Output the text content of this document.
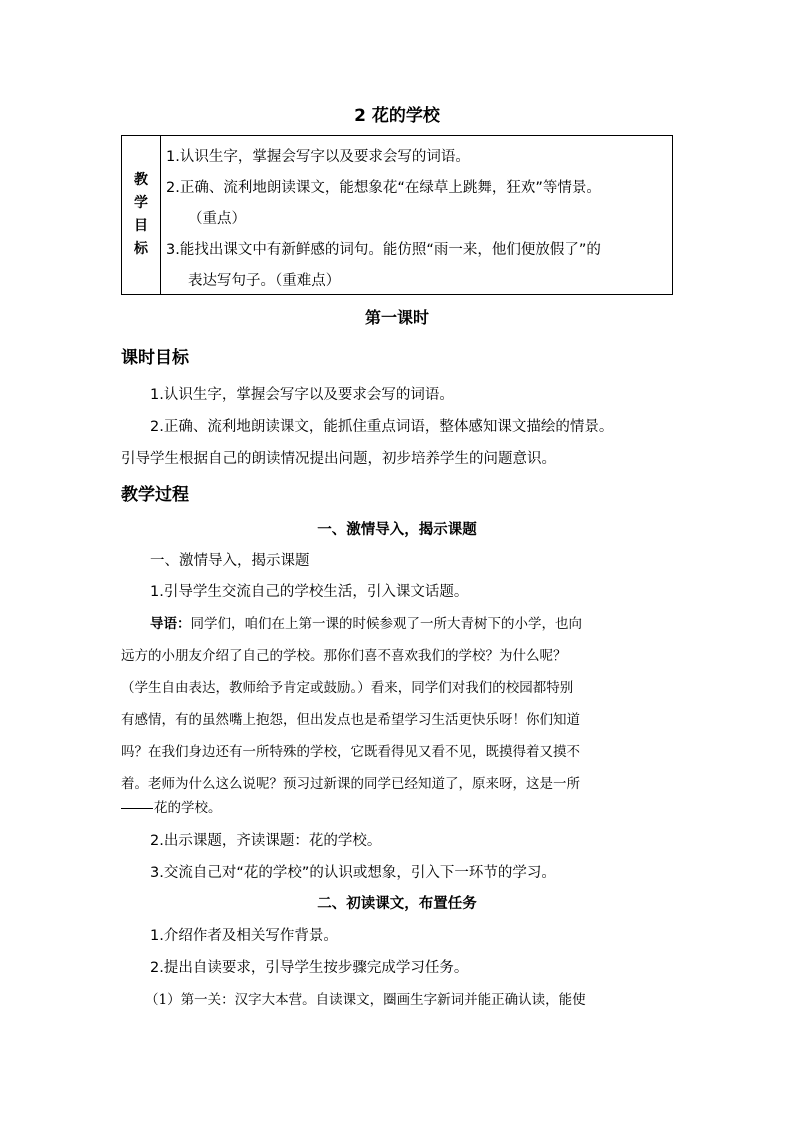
2 花的学校
教
学
目
标
1.认识生字，掌握会写字以及要求会写的词语。
2.正确、流利地朗读课文，能想象花“在绿草上跳舞，狂欢”等情景。
（重点）
3.能找出课文中有新鲜感的词句。能仿照“雨一来，他们便放假了”的
表达写句子。（重难点）
第一课时
课时目标
1.认识生字，掌握会写字以及要求会写的词语。
2.正确、流利地朗读课文，能抓住重点词语，整体感知课文描绘的情景。
引导学生根据自己的朗读情况提出问题，初步培养学生的问题意识。
教学过程
一、激情导入，揭示课题
一、激情导入，揭示课题
1.引导学生交流自己的学校生活，引入课文话题。
导语：同学们，咱们在上第一课的时候参观了一所大青树下的小学，也向
远方的小朋友介绍了自己的学校。那你们喜不喜欢我们的学校？为什么呢？
（学生自由表达，教师给予肯定或鼓励。）看来，同学们对我们的校园都特别
有感情，有的虽然嘴上抱怨，但出发点也是希望学习生活更快乐呀！你们知道
吗？在我们身边还有一所特殊的学校，它既看得见又看不见，既摸得着又摸不
着。老师为什么这么说呢？预习过新课的同学已经知道了，原来呀，这是一所
花的学校。
2.出示课题，齐读课题：花的学校。
3.交流自己对“花的学校”的认识或想象，引入下一环节的学习。
二、初读课文，布置任务
1.介绍作者及相关写作背景。
2.提出自读要求，引导学生按步骤完成学习任务。
（1）第一关：汉字大本营。自读课文，圈画生字新词并能正确认读，能使
